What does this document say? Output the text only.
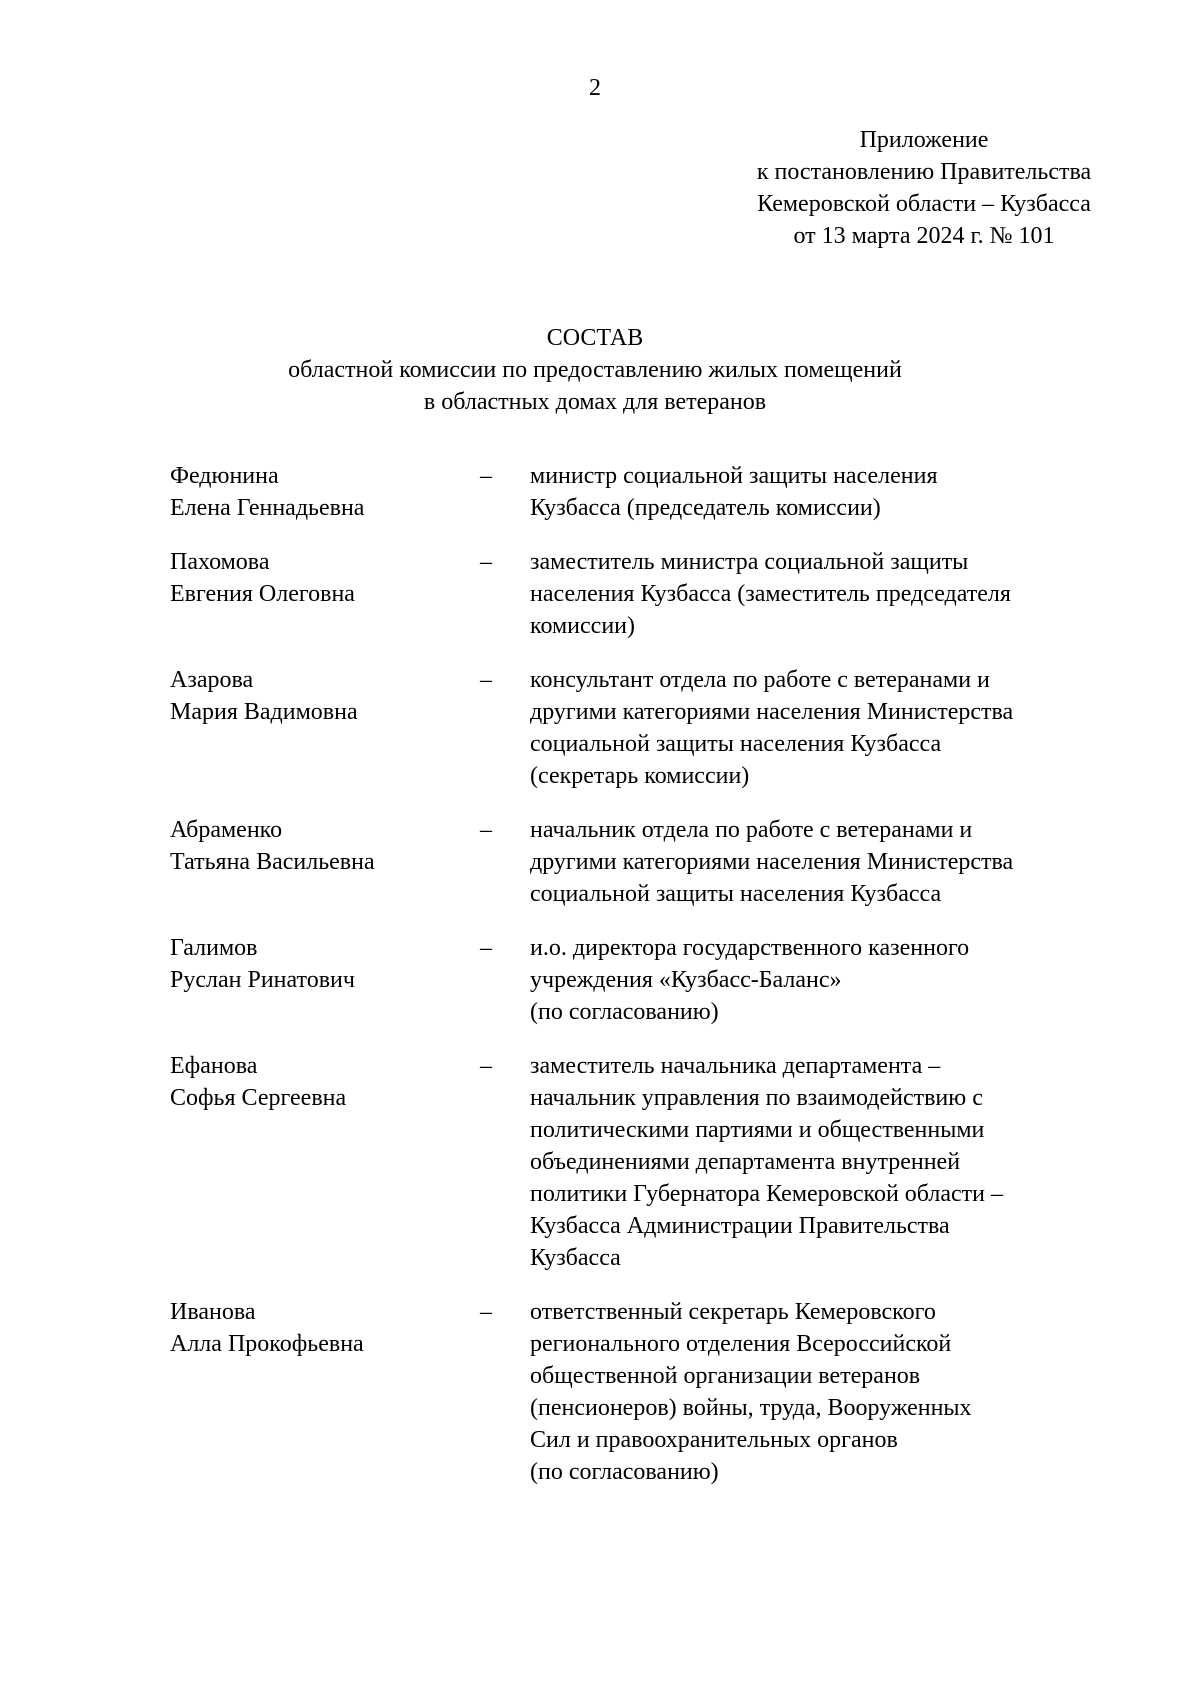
2
Приложение
к постановлению Правительства
Кемеровской области – Кузбасса
от 13 марта 2024 г. № 101
СОСТАВ
областной комиссии по предоставлению жилых помещений
в областных домах для ветеранов
Федюнина
Елена Геннадьевна
–	министр социальной защиты населения
Кузбасса (председатель комиссии)
Пахомова
Евгения Олеговна
–	заместитель министра социальной защиты
населения Кузбасса (заместитель председателя
комиссии)
Азарова
Мария Вадимовна
–	консультант отдела по работе с ветеранами и
другими категориями населения Министерства
социальной защиты населения Кузбасса
(секретарь комиссии)
Абраменко
Татьяна Васильевна
–	начальник отдела по работе с ветеранами и
другими категориями населения Министерства
социальной защиты населения Кузбасса
Галимов
Руслан Ринатович
–	и.о. директора государственного казенного
учреждения «Кузбасс-Баланс»
(по согласованию)
Ефанова
Софья Сергеевна
–	заместитель начальника департамента –
начальник управления по взаимодействию с
политическими партиями и общественными
объединениями департамента внутренней
политики Губернатора Кемеровской области –
Кузбасса Администрации Правительства
Кузбасса
Иванова
Алла Прокофьевна
–	ответственный секретарь Кемеровского
регионального отделения Всероссийской
общественной организации ветеранов
(пенсионеров) войны, труда, Вооруженных
Сил и правоохранительных органов
(по согласованию)
